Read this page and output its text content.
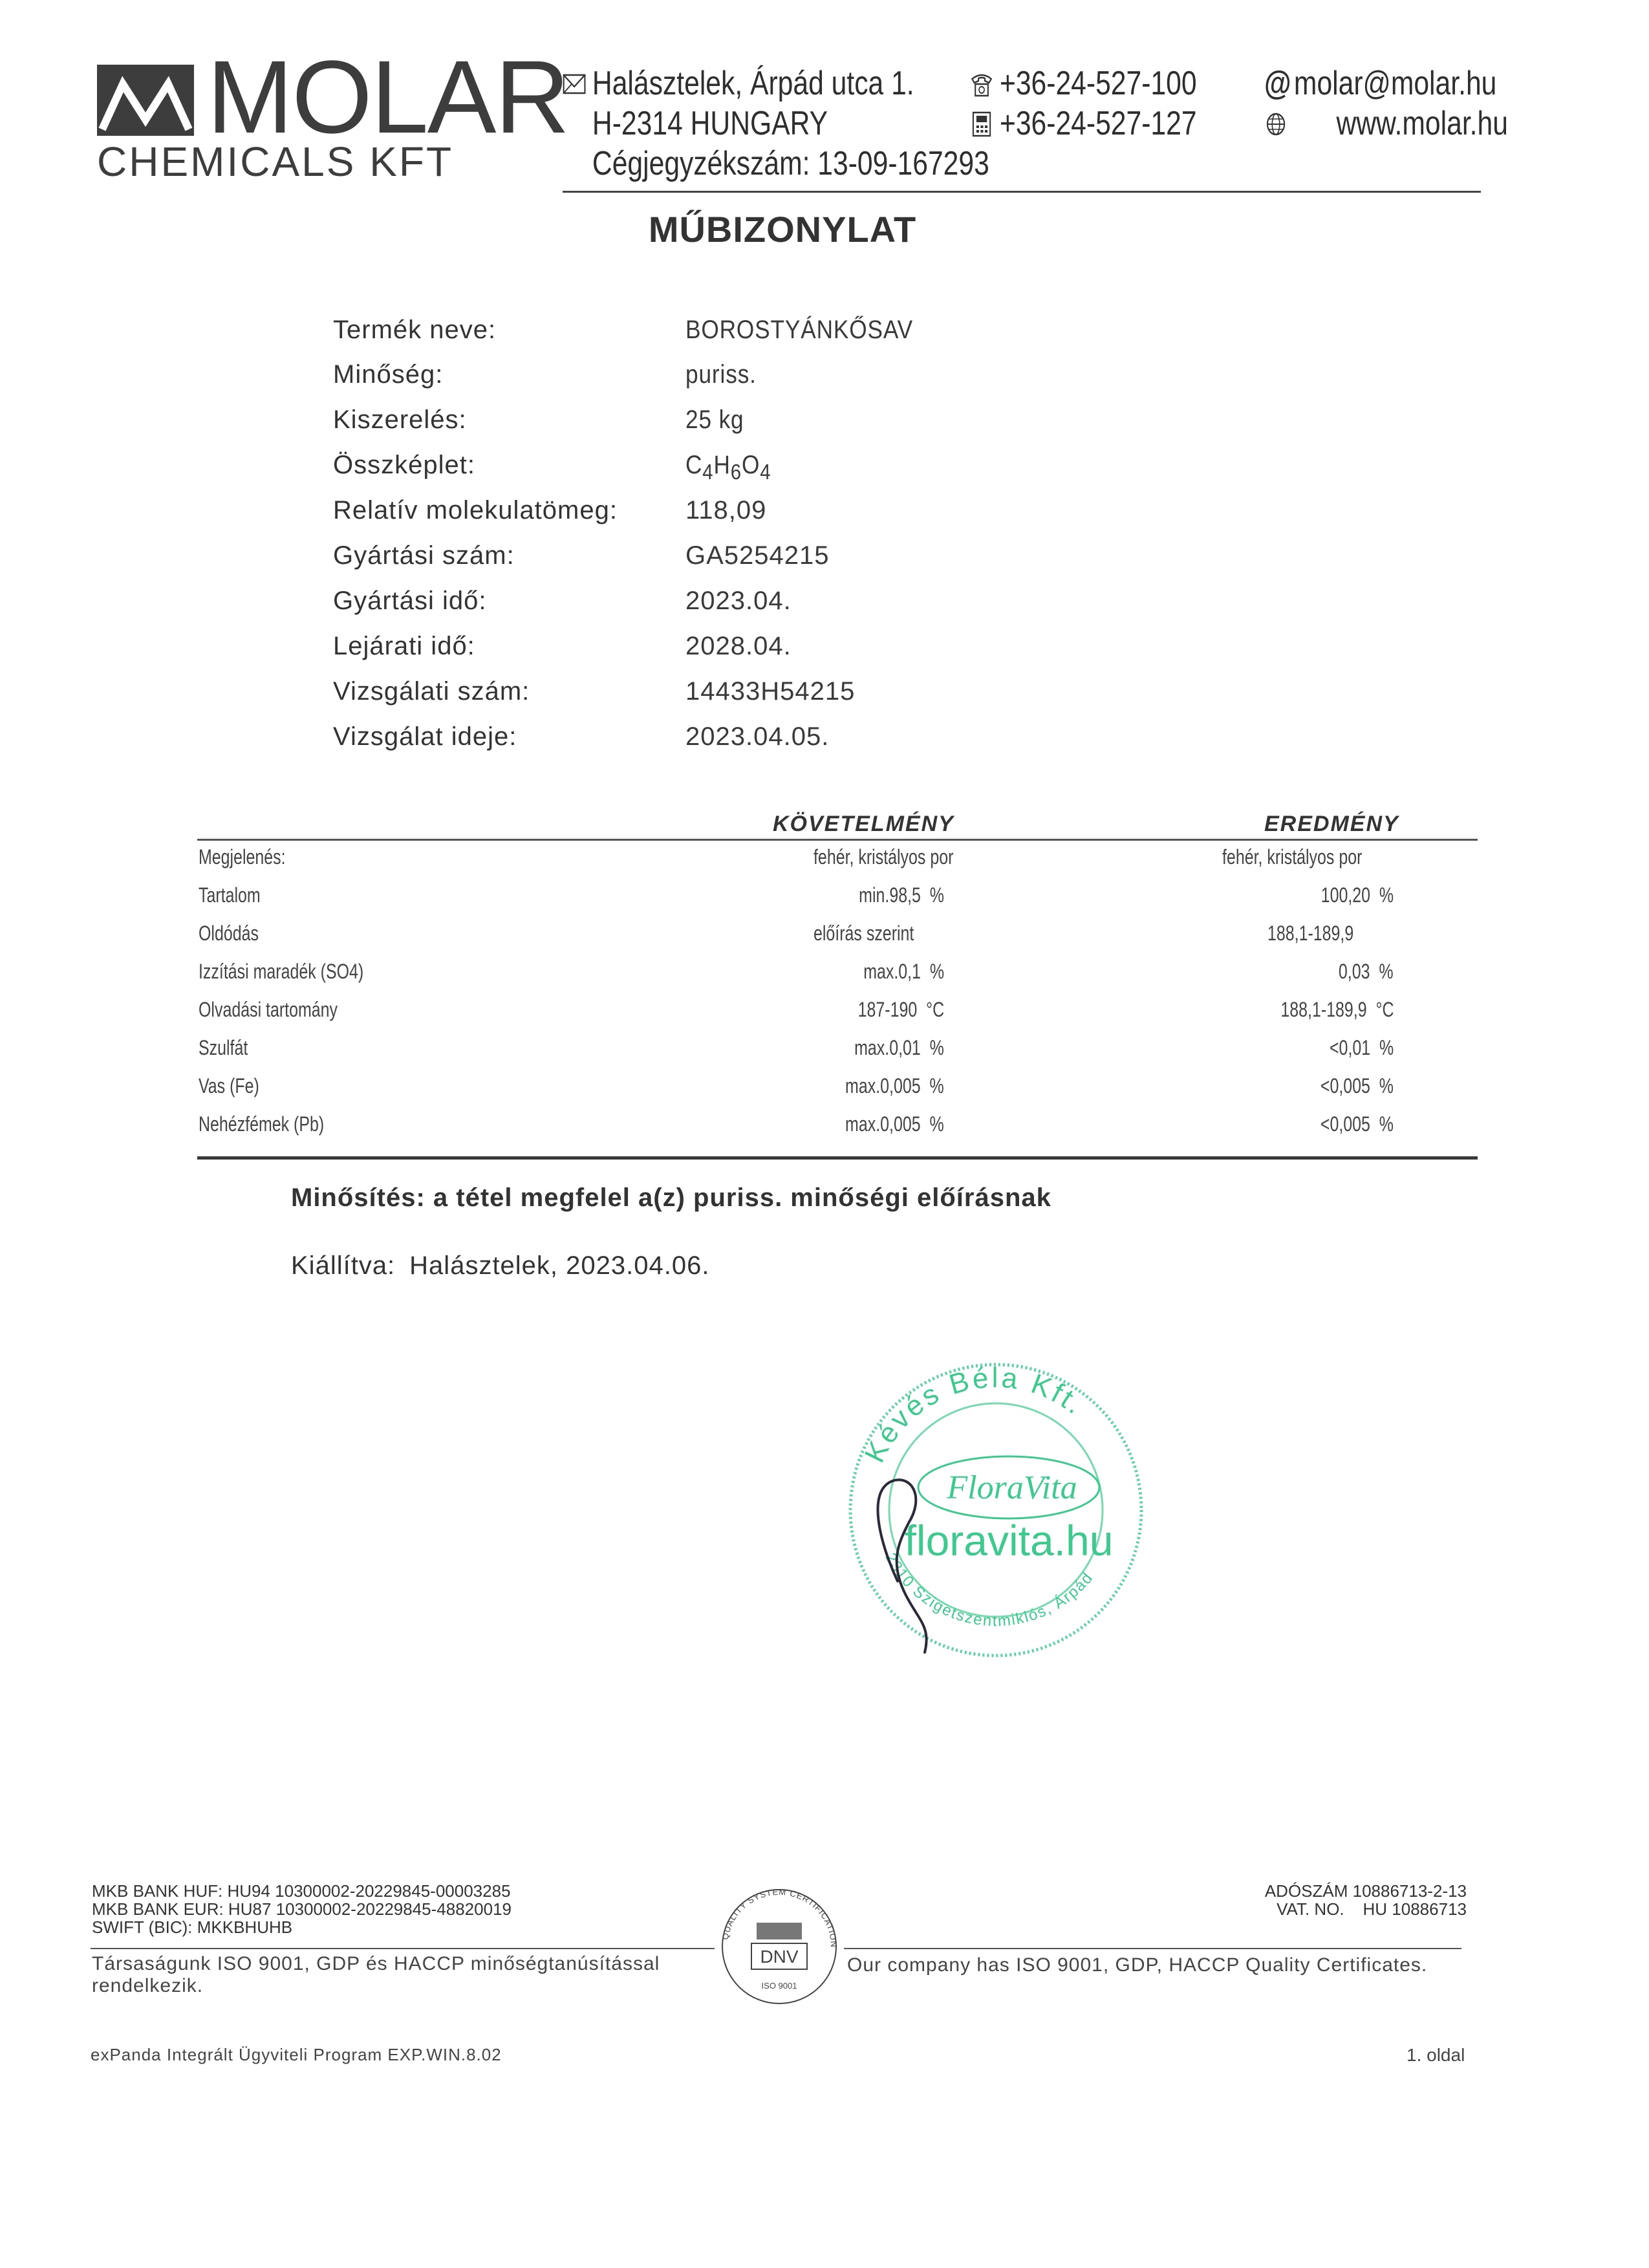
MOLAR
CHEMICALS KFT
Halásztelek, Árpád utca 1.
H-2314 HUNGARY
Cégjegyzékszám: 13-09-167293
+36-24-527-100
+36-24-527-127
@molar@molar.hu
www.molar.hu
MŰBIZONYLAT
Termék neve:	BOROSTYÁNKŐSAV
Minőség:	puriss.
Kiszerelés:	25 kg
Összképlet:	$C_4H_6O_4$
Relatív molekulatömeg:	118,09
Gyártási szám:	GA5254215
Gyártási idő:	2023.04.
Lejárati idő:	2028.04.
Vizsgálati szám:	14433H54215
Vizsgálat ideje:	2023.04.05.
KÖVETELMÉNY	EREDMÉNY
Megjelenés:	fehér, kristályos por	fehér, kristályos por
Tartalom	min.98,5  %	100,20  %
Oldódás	előírás szerint	188,1-189,9
Izzítási maradék (SO4)	max.0,1  %	0,03  %
Olvadási tartomány	187-190  °C	188,1-189,9  °C
Szulfát	max.0,01  %	<0,01  %
Vas (Fe)	max.0,005  %	<0,005  %
Nehézfémek (Pb)	max.0,005  %	<0,005  %
Minősítés: a tétel megfelel a(z) puriss. minőségi előírásnak
Kiállítva: Halásztelek, 2023.04.06.
Kévés Béla Kft.
2310 Szigetszentmiklós, Árpád
FloraVita
floravita.hu
MKB BANK HUF: HU94 10300002-20229845-00003285
MKB BANK EUR: HU87 10300002-20229845-48820019
SWIFT (BIC): MKKBHUHB
ADÓSZÁM 10886713-2-13
VAT. NO.    HU 10886713
Társaságunk ISO 9001, GDP és HACCP minőségtanúsítással
rendelkezik.
QUALITY SYSTEM CERTIFICATION
DNV
ISO 9001
Our company has ISO 9001, GDP, HACCP Quality Certificates.
exPanda Integrált Ügyviteli Program EXP.WIN.8.02	1. oldal
